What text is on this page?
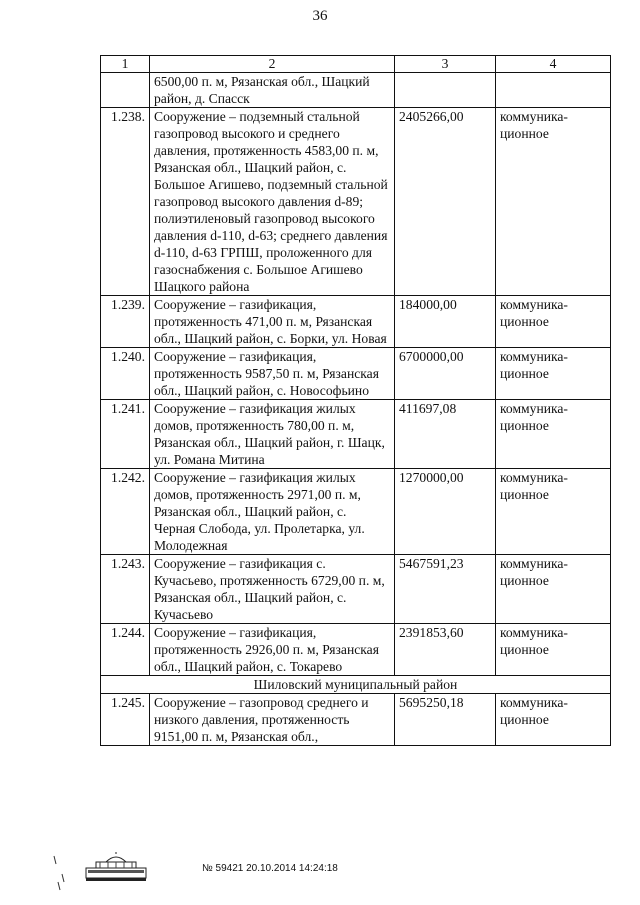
36
1	2	3	4
	6500,00 п. м, Рязанская обл., Шацкий район, д. Спасск		
1.238.	Сооружение – подземный стальной газопровод высокого и среднего давления, протяженность 4583,00 п. м, Рязанская обл., Шацкий район, с. Большое Агишево, подземный стальной газопровод высокого давления d-89; полиэтиленовый газопровод высокого давления d-110, d-63; среднего давления d-110, d-63 ГРПШ, проложенного для газоснабжения с. Большое Агишево Шацкого района	2405266,00	коммуника-ционное
1.239.	Сооружение – газификация, протяженность 471,00 п. м, Рязанская обл., Шацкий район, с. Борки, ул. Новая	184000,00	коммуника-ционное
1.240.	Сооружение – газификация, протяженность 9587,50 п. м, Рязанская обл., Шацкий район, с. Новософьино	6700000,00	коммуника-ционное
1.241.	Сооружение – газификация жилых домов, протяженность 780,00 п. м, Рязанская обл., Шацкий район, г. Шацк, ул. Романа Митина	411697,08	коммуника-ционное
1.242.	Сооружение – газификация жилых домов, протяженность 2971,00 п. м, Рязанская обл., Шацкий район, с. Черная Слобода, ул. Пролетарка, ул. Молодежная	1270000,00	коммуника-ционное
1.243.	Сооружение – газификация с. Кучасьево, протяженность 6729,00 п. м, Рязанская обл., Шацкий район, с. Кучасьево	5467591,23	коммуника-ционное
1.244.	Сооружение – газификация, протяженность 2926,00 п. м, Рязанская обл., Шацкий район, с. Токарево	2391853,60	коммуника-ционное
Шиловский муниципальный район			
1.245.	Сооружение – газопровод среднего и низкого давления, протяженность 9151,00 п. м, Рязанская обл.,	5695250,18	коммуника-ционное
№ 59421 20.10.2014 14:24:18
